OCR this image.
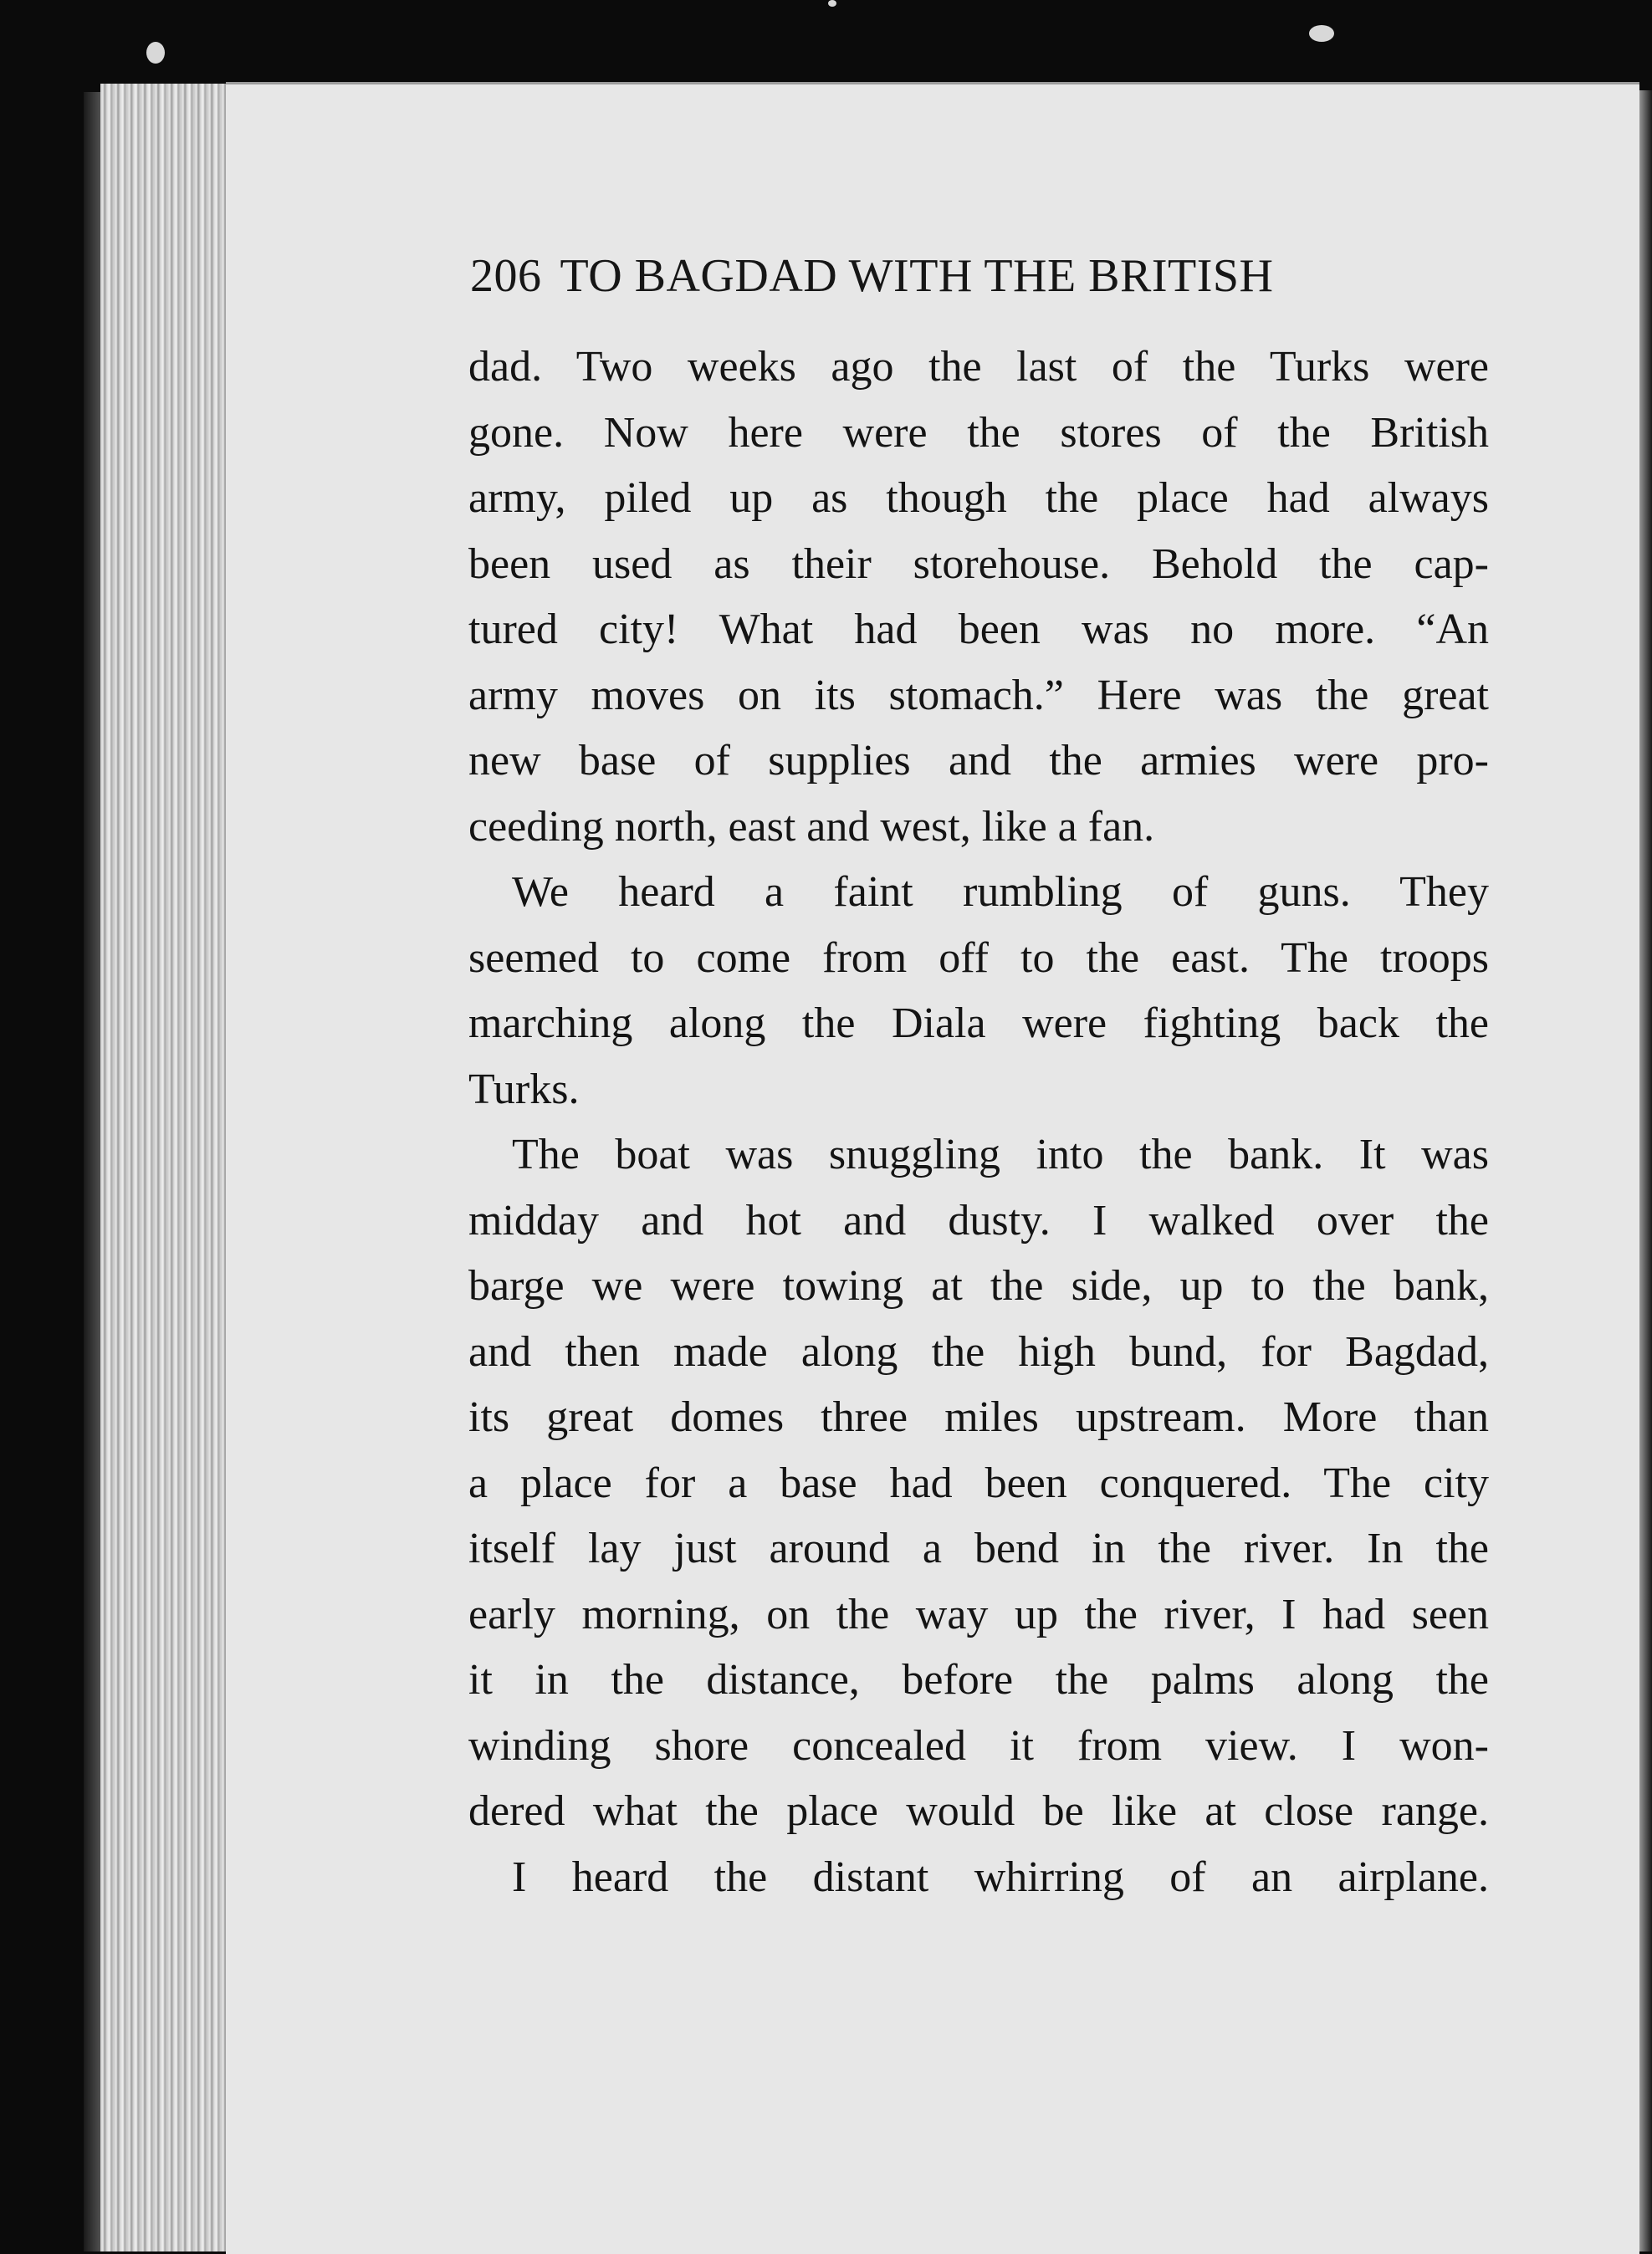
206 TO BAGDAD WITH THE BRITISH
dad. Two weeks ago the last of the Turks were
gone. Now here were the stores of the British
army, piled up as though the place had always
been used as their storehouse. Behold the cap-
tured city! What had been was no more. “An
army moves on its stomach.” Here was the great
new base of supplies and the armies were pro-
ceeding north, east and west, like a fan.
We heard a faint rumbling of guns. They
seemed to come from off to the east. The troops
marching along the Diala were fighting back the
Turks.
The boat was snuggling into the bank. It was
midday and hot and dusty. I walked over the
barge we were towing at the side, up to the bank,
and then made along the high bund, for Bagdad,
its great domes three miles upstream. More than
a place for a base had been conquered. The city
itself lay just around a bend in the river. In the
early morning, on the way up the river, I had seen
it in the distance, before the palms along the
winding shore concealed it from view. I won-
dered what the place would be like at close range.
I heard the distant whirring of an airplane.
